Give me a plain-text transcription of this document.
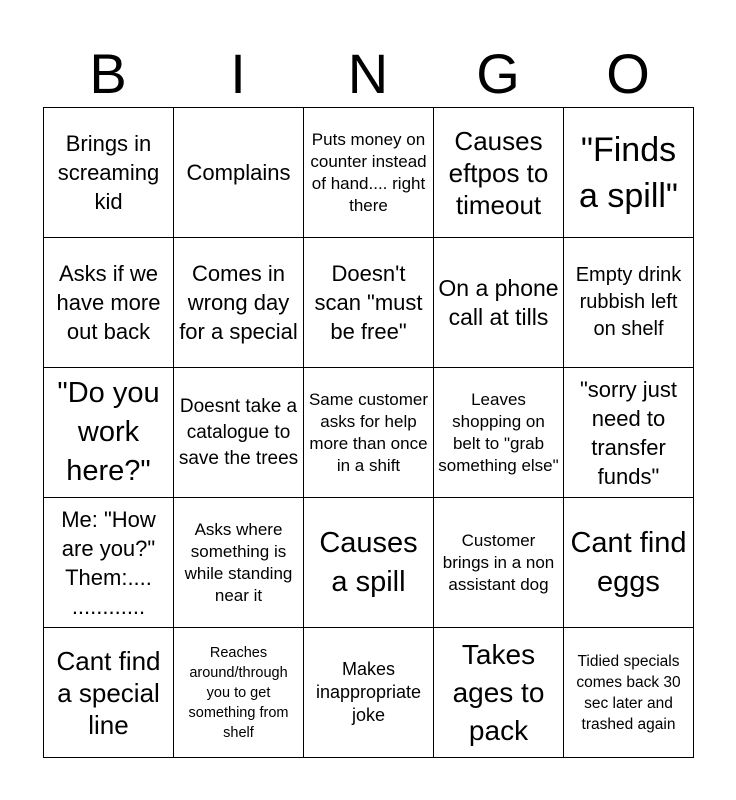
B	I	N	G	O
Brings in screaming kid	Complains	Puts money on counter instead of hand.... right there	Causes eftpos to timeout	"Finds a spill"

Asks if we have more out back	Comes in wrong day for a special	Doesn't scan "must be free"	On a phone call at tills	Empty drink rubbish left on shelf

"Do you work here?"	Doesnt take a catalogue to save the trees	Same customer asks for help more than once in a shift	Leaves shopping on belt to "grab something else"	"sorry just need to transfer funds"

Me: "How are you?" Them:.... ............	Asks where something is while standing near it	Causes a spill	Customer brings in a non assistant dog	Cant find eggs

Cant find a special line	Reaches around/through you to get something from shelf	Makes inappropriate joke	Takes ages to pack	Tidied specials comes back 30 sec later and trashed again
